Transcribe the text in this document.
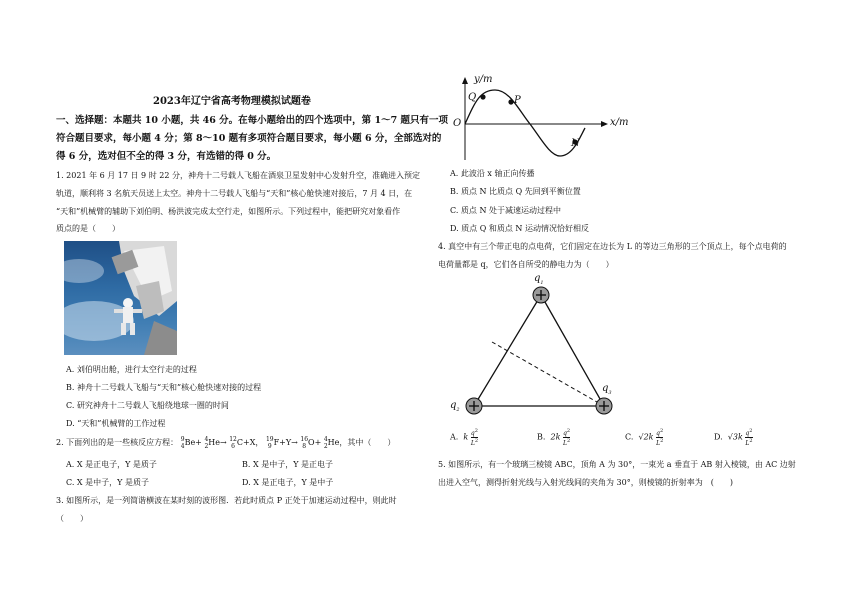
2023年辽宁省高考物理模拟试题卷
一、选择题：本题共 10 小题，共 46 分。在每小题给出的四个选项中，第 1～7 题只有一项
符合题目要求，每小题 4 分；第 8～10 题有多项符合题目要求，每小题 6 分，全部选对的
得 6 分，选对但不全的得 3 分，有选错的得 0 分。
1. 2021 年 6 月 17 日 9 时 22 分，神舟十二号载人飞船在酒泉卫星发射中心发射升空，准确进入预定
轨道，顺利将 3 名航天员送上太空。神舟十二号载人飞船与“天和”核心舱快速对接后，7 月 4 日，在
“天和”机械臂的辅助下刘伯明、杨洪波完成太空行走，如图所示。下列过程中，能把研究对象看作
质点的是（　　）
A. 刘伯明出舱，进行太空行走的过程
B. 神舟十二号载人飞船与“天和”核心舱快速对接的过程
C. 研究神舟十二号载人飞船绕地球一圈的时间
D. “天和”机械臂的工作过程
2. 下面列出的是一些核反应方程： 9
4 Be+ 4
2 He→ 12
6 C+X， 19
9 F+Y→ 16
8 O+ 4
2 He，其中（　　）
A. X 是正电子，Y 是质子	B. X 是中子，Y 是正电子
C. X 是中子，Y 是质子	D. X 是正电子，Y 是中子
3. 如图所示，是一列简谐横波在某时刻的波形图．若此时质点 P 正处于加速运动过程中，则此时
（　　）
y/m
x/m
O
Q	P
N
A. 此波沿 x 轴正向传播
B. 质点 N 比质点 Q 先回到平衡位置
C. 质点 N 处于减速运动过程中
D. 质点 Q 和质点 N 运动情况恰好相反
4. 真空中有三个带正电的点电荷，它们固定在边长为 L 的等边三角形的三个顶点上，每个点电荷的
电荷量都是 q，它们各自所受的静电力为（　　）
$q_1$
$q_2$
$q_3$
A. k $\frac{q^2}{L^2}$	B. $2k \frac{q^2}{L^2}$	C. $√2k \frac{q^2}{L^2}$	D. $√3k \frac{q^2}{L^2}$
5. 如图所示，有一个玻璃三棱镜 ABC，顶角 A 为 30°，一束光 a 垂直于 AB 射入棱镜，由 AC 边射
出进入空气，测得折射光线与入射光线间的夹角为 30°，则棱镜的折射率为　(　　)
